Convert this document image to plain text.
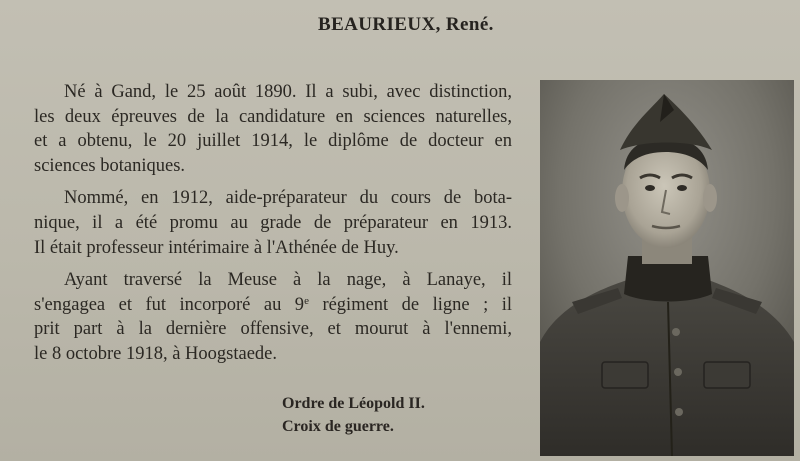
BEAURIEUX, René.
Né à Gand, le 25 août 1890. Il a subi, avec distinction,
les deux épreuves de la candidature en sciences naturelles,
et a obtenu, le 20 juillet 1914, le diplôme de docteur en
sciences botaniques.
Nommé, en 1912, aide-préparateur du cours de bota-
nique, il a été promu au grade de préparateur en 1913.
Il était professeur intérimaire à l'Athénée de Huy.
Ayant traversé la Meuse à la nage, à Lanaye, il
s'engagea et fut incorporé au 9e régiment de ligne ; il
prit part à la dernière offensive, et mourut à l'ennemi,
le 8 octobre 1918, à Hoogstaede.
Ordre de Léopold II.
Croix de guerre.
